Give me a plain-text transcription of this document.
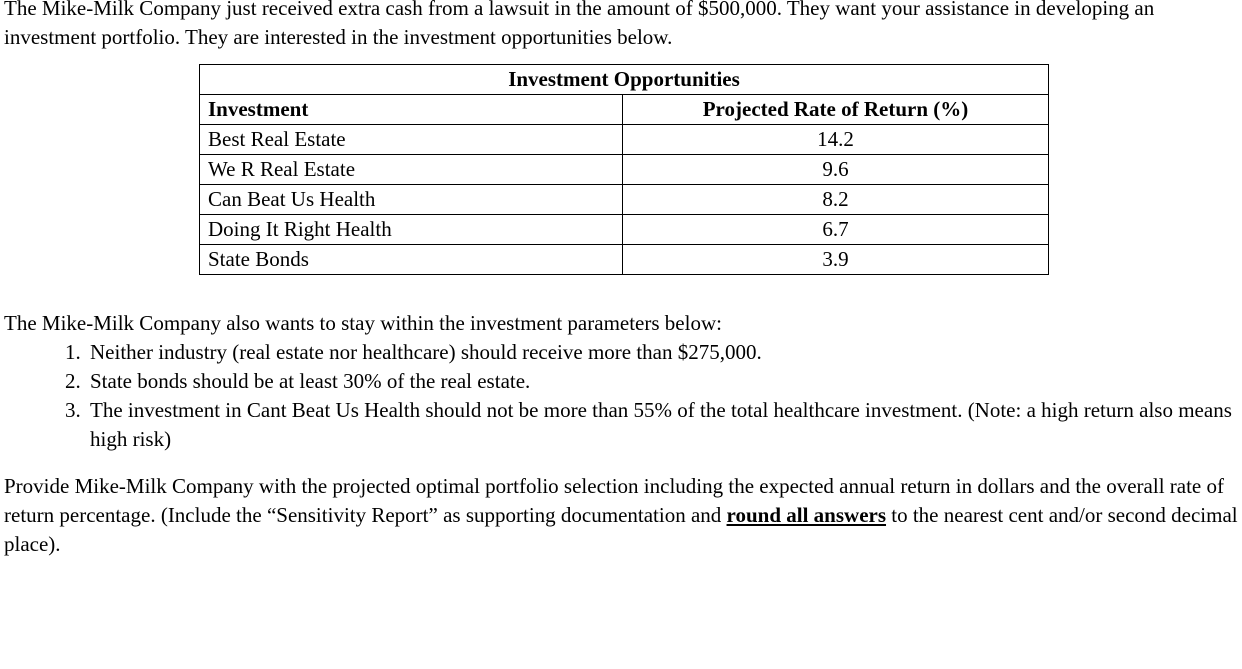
The Mike-Milk Company just received extra cash from a lawsuit in the amount of $500,000. They want your assistance in developing an investment portfolio. They are interested in the investment opportunities below.

Investment Opportunities	
Investment	Projected Rate of Return (%)
Best Real Estate	14.2
We R Real Estate	9.6
Can Beat Us Health	8.2
Doing It Right Health	6.7
State Bonds	3.9

The Mike-Milk Company also wants to stay within the investment parameters below:

1. Neither industry (real estate nor healthcare) should receive more than $275,000.
2. State bonds should be at least 30% of the real estate.
3. The investment in Cant Beat Us Health should not be more than 55% of the total healthcare investment. (Note: a high return also means high risk)

Provide Mike-Milk Company with the projected optimal portfolio selection including the expected annual return in dollars and the overall rate of return percentage. (Include the “Sensitivity Report” as supporting documentation and round all answers to the nearest cent and/or second decimal place).
